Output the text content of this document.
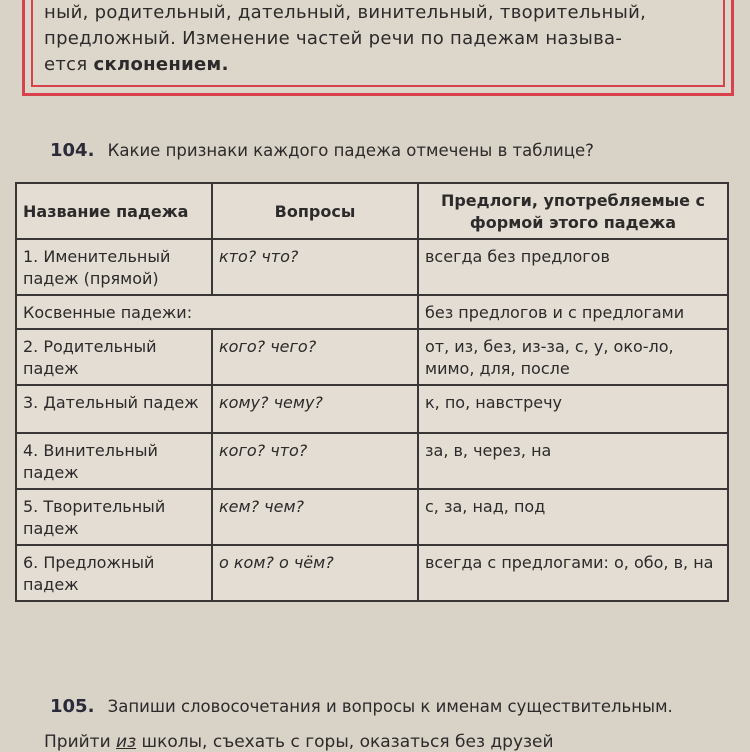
ный, родительный, дательный, винительный, творительный,
предложный. Изменение частей речи по падежам называ-
ется склонением.
104. Какие признаки каждого падежа отмечены в таблице?
Название падежа	Вопросы	Предлоги, употребляемые с формой этого падежа
1. Именительный падеж (прямой)	кто? что?	всегда без предлогов
Косвенные падежи:		без предлогов и с предлогами
2. Родительный падеж	кого? чего?	от, из, без, из-за, с, у, око-ло, мимо, для, после
3. Дательный падеж	кому? чему?	к, по, навстречу
4. Винительный падеж	кого? что?	за, в, через, на
5. Творительный падеж	кем? чем?	с, за, над, под
6. Предложный падеж	о ком? о чём?	всегда с предлогами: о, обо, в, на
105. Запиши словосочетания и вопросы к именам существительным.
Прийти из школы, съехать с горы, оказаться без друзей
